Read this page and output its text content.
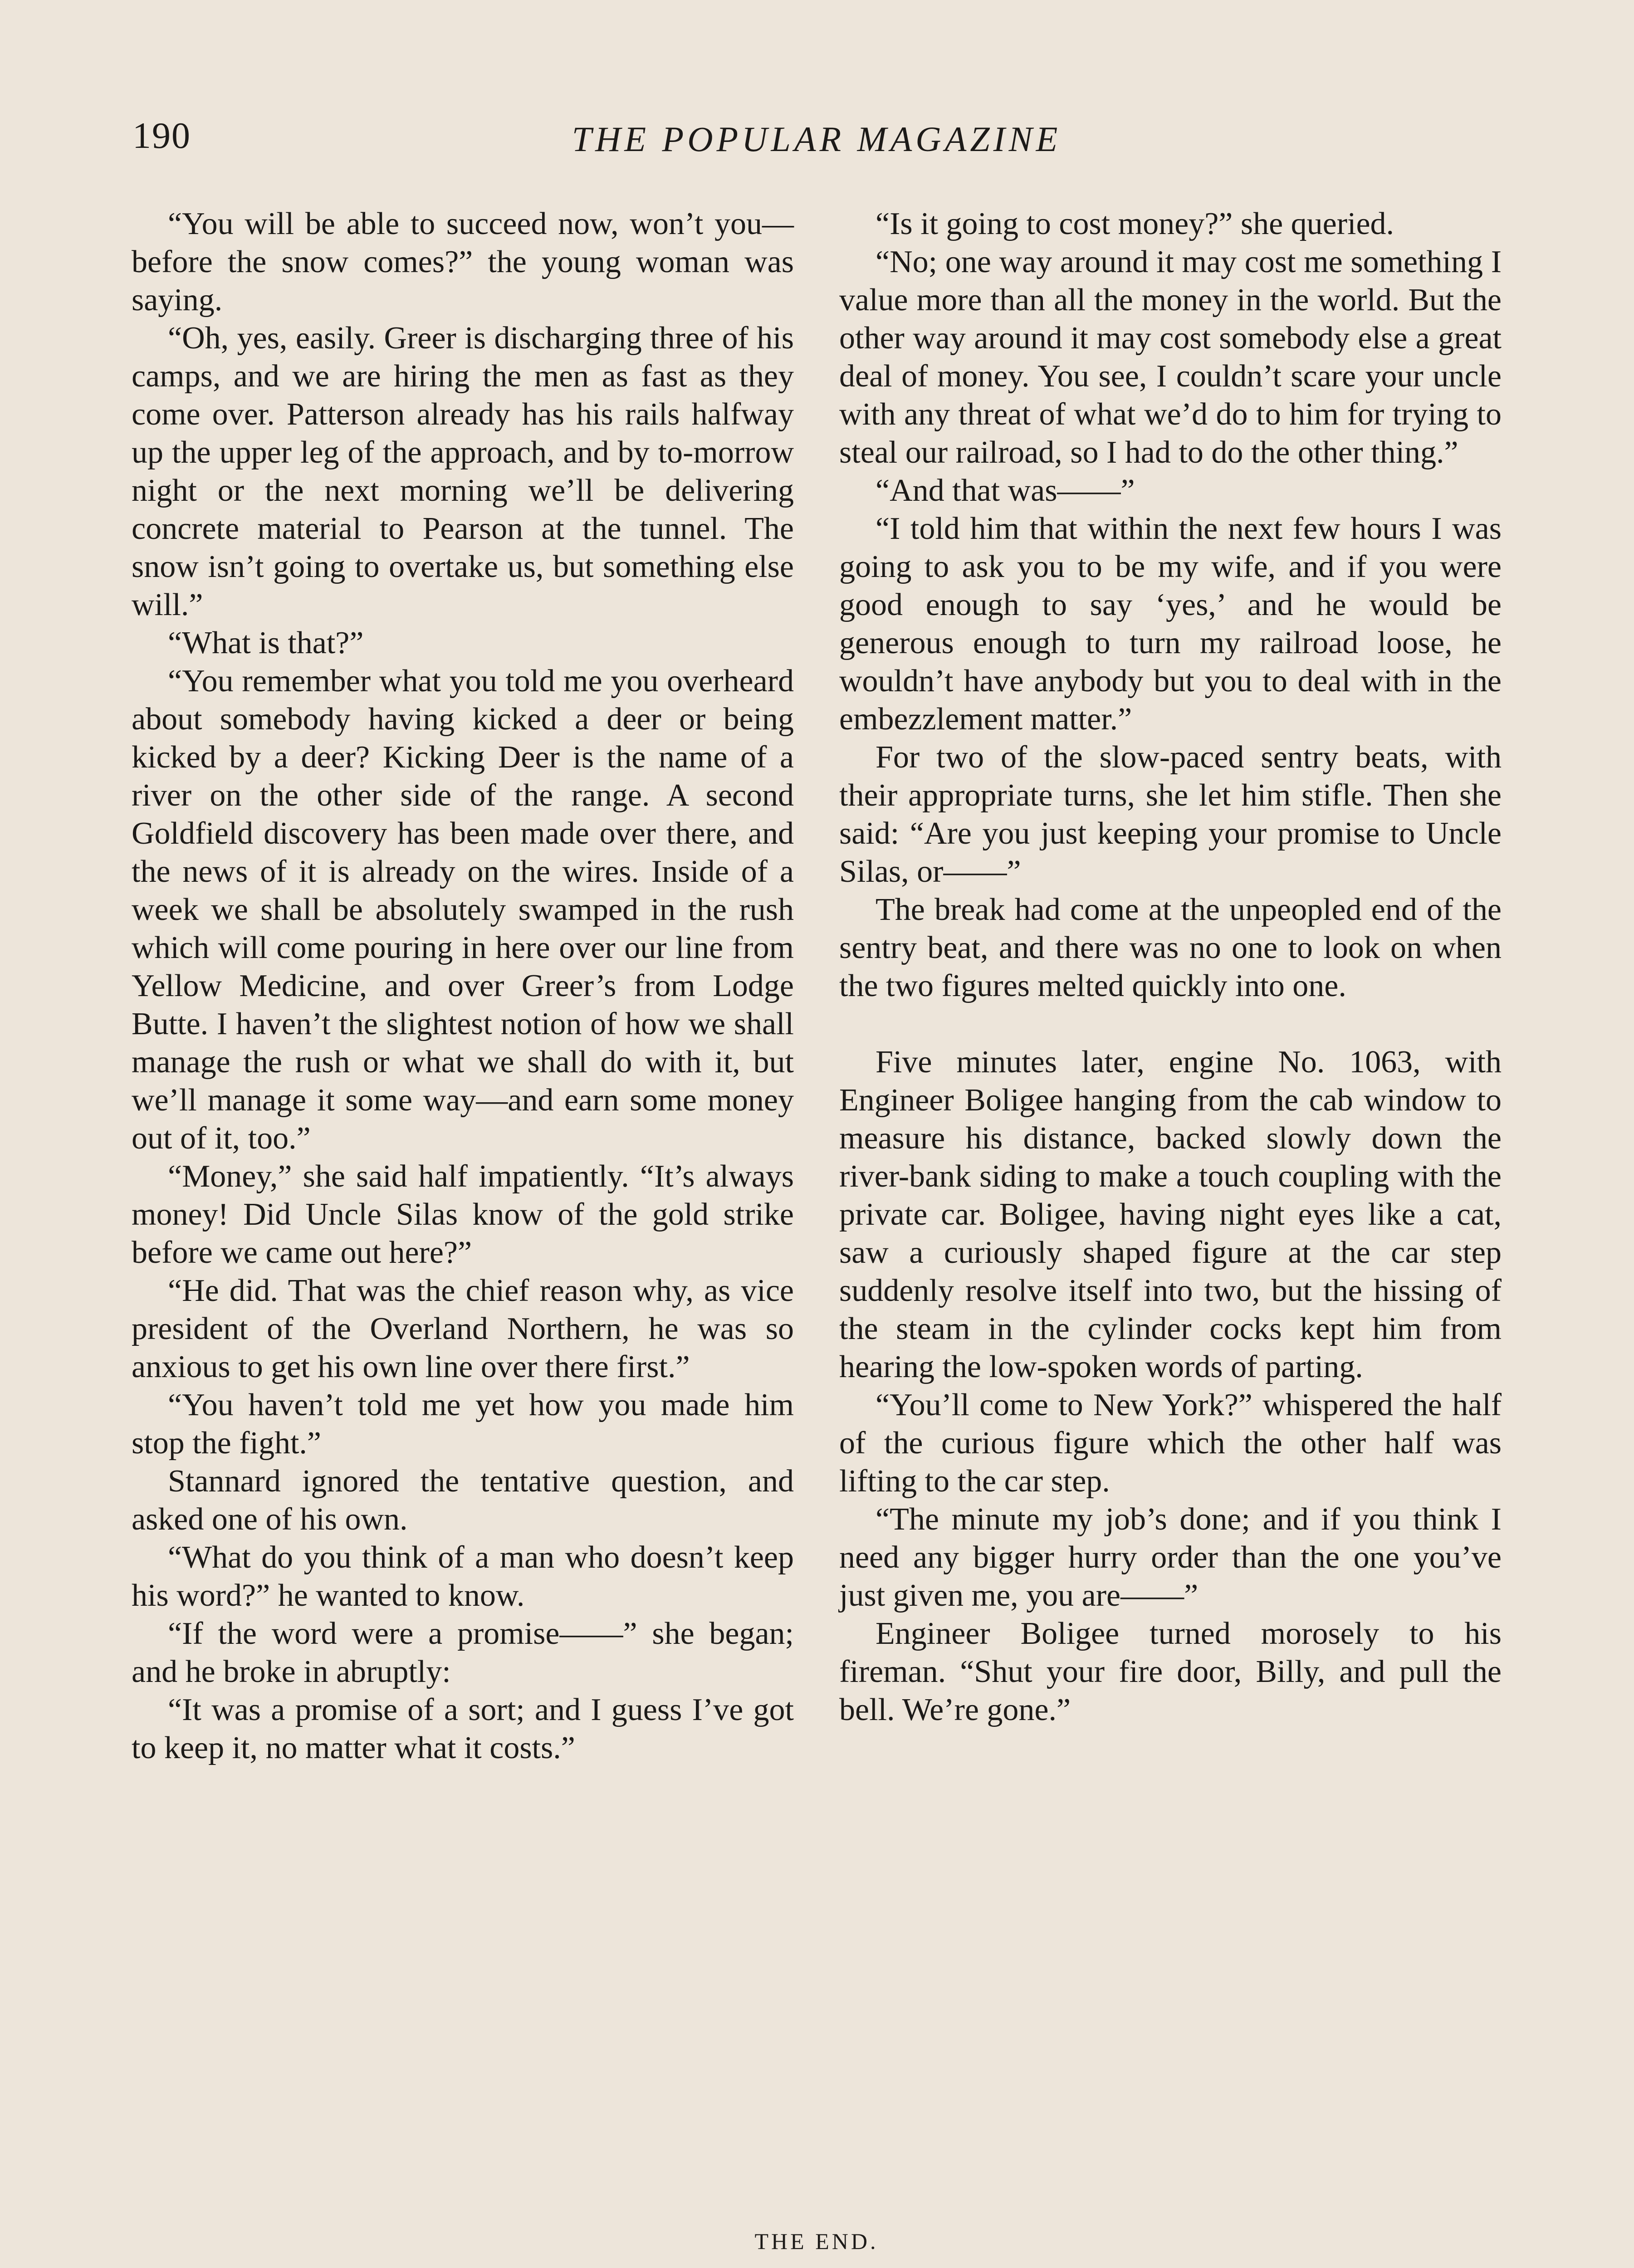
190	THE POPULAR MAGAZINE

“You will be able to succeed now, won’t you—before the snow comes?” the young woman was saying.

“Oh, yes, easily. Greer is discharging three of his camps, and we are hiring the men as fast as they come over. Patterson already has his rails halfway up the upper leg of the approach, and by to-morrow night or the next morning we’ll be delivering concrete material to Pearson at the tunnel. The snow isn’t going to overtake us, but something else will.”

“What is that?”

“You remember what you told me you overheard about somebody having kicked a deer or being kicked by a deer? Kicking Deer is the name of a river on the other side of the range. A second Goldfield discovery has been made over there, and the news of it is already on the wires. Inside of a week we shall be absolutely swamped in the rush which will come pouring in here over our line from Yellow Medicine, and over Greer’s from Lodge Butte. I haven’t the slightest notion of how we shall manage the rush or what we shall do with it, but we’ll manage it some way—and earn some money out of it, too.”

“Money,” she said half impatiently. “It’s always money! Did Uncle Silas know of the gold strike before we came out here?”

“He did. That was the chief reason why, as vice president of the Overland Northern, he was so anxious to get his own line over there first.”

“You haven’t told me yet how you made him stop the fight.”

Stannard ignored the tentative question, and asked one of his own.

“What do you think of a man who doesn’t keep his word?” he wanted to know.

“If the word were a promise——” she began; and he broke in abruptly:

“It was a promise of a sort; and I guess I’ve got to keep it, no matter what it costs.”

“Is it going to cost money?” she queried.

“No; one way around it may cost me something I value more than all the money in the world. But the other way around it may cost somebody else a great deal of money. You see, I couldn’t scare your uncle with any threat of what we’d do to him for trying to steal our railroad, so I had to do the other thing.”

“And that was——”

“I told him that within the next few hours I was going to ask you to be my wife, and if you were good enough to say ‘yes,’ and he would be generous enough to turn my railroad loose, he wouldn’t have anybody but you to deal with in the embezzlement matter.”

For two of the slow-paced sentry beats, with their appropriate turns, she let him stifle. Then she said: “Are you just keeping your promise to Uncle Silas, or——”

The break had come at the unpeopled end of the sentry beat, and there was no one to look on when the two figures melted quickly into one.

Five minutes later, engine No. 1063, with Engineer Boligee hanging from the cab window to measure his distance, backed slowly down the river-bank siding to make a touch coupling with the private car. Boligee, having night eyes like a cat, saw a curiously shaped figure at the car step suddenly resolve itself into two, but the hissing of the steam in the cylinder cocks kept him from hearing the low-spoken words of parting.

“You’ll come to New York?” whispered the half of the curious figure which the other half was lifting to the car step.

“The minute my job’s done; and if you think I need any bigger hurry order than the one you’ve just given me, you are——”

Engineer Boligee turned morosely to his fireman. “Shut your fire door, Billy, and pull the bell. We’re gone.”

THE END.
